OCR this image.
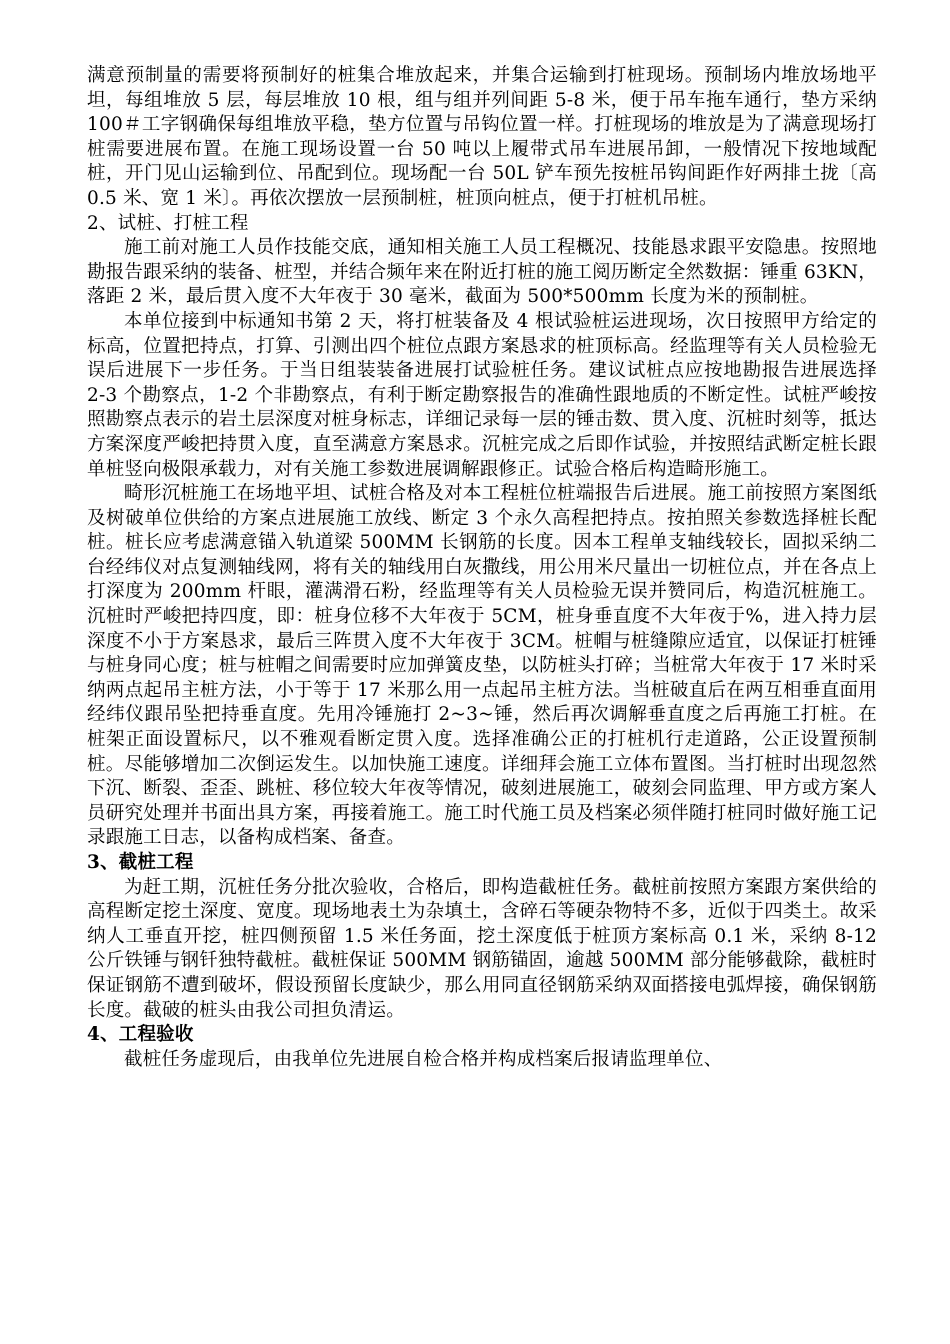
满意预制量的需要将预制好的桩集合堆放起来，并集合运输到打桩现场。预制场内堆放场地平坦，每组堆放 5 层，每层堆放 10 根，组与组并列间距 5-8 米，便于吊车拖车通行，垫方采纳 100＃工字钢确保每组堆放平稳，垫方位置与吊钩位置一样。打桩现场的堆放是为了满意现场打桩需要进展布置。在施工现场设置一台 50 吨以上履带式吊车进展吊卸，一般情况下按地域配桩，开门见山运输到位、吊配到位。现场配一台 50L 铲车预先按桩吊钩间距作好两排土拢〔高 0.5 米、宽 1 米〕。再依次摆放一层预制桩，桩顶向桩点，便于打桩机吊桩。

2、试桩、打桩工程

施工前对施工人员作技能交底，通知相关施工人员工程概况、技能恳求跟平安隐患。按照地勘报告跟采纳的装备、桩型，并结合频年来在附近打桩的施工阅历断定全然数据：锤重 63KN，落距 2 米，最后贯入度不大年夜于 30 毫米，截面为 500*500mm 长度为米的预制桩。

本单位接到中标通知书第 2 天，将打桩装备及 4 根试验桩运进现场，次日按照甲方给定的标高，位置把持点，打算、引测出四个桩位点跟方案恳求的桩顶标高。经监理等有关人员检验无误后进展下一步任务。于当日组装装备进展打试验桩任务。建议试桩点应按地勘报告进展选择 2-3 个勘察点，1-2 个非勘察点，有利于断定勘察报告的准确性跟地质的不断定性。试桩严峻按照勘察点表示的岩土层深度对桩身标志，详细记录每一层的锤击数、贯入度、沉桩时刻等，抵达方案深度严峻把持贯入度，直至满意方案恳求。沉桩完成之后即作试验，并按照结武断定桩长跟单桩竖向极限承载力，对有关施工参数进展调解跟修正。试验合格后构造畸形施工。

畸形沉桩施工在场地平坦、试桩合格及对本工程桩位桩端报告后进展。施工前按照方案图纸及树破单位供给的方案点进展施工放线、断定 3 个永久高程把持点。按拍照关参数选择桩长配桩。桩长应考虑满意锚入轨道梁 500MM 长钢筋的长度。因本工程单支轴线较长，固拟采纳二台经纬仪对点复测轴线网，将有关的轴线用白灰撒线，用公用米尺量出一切桩位点，并在各点上打深度为 200mm 杆眼，灌满滑石粉，经监理等有关人员检验无误并赞同后，构造沉桩施工。沉桩时严峻把持四度，即：桩身位移不大年夜于 5CM，桩身垂直度不大年夜于%，进入持力层深度不小于方案恳求，最后三阵贯入度不大年夜于 3CM。桩帽与桩缝隙应适宜，以保证打桩锤与桩身同心度；桩与桩帽之间需要时应加弹簧皮垫，以防桩头打碎；当桩常大年夜于 17 米时采纳两点起吊主桩方法，小于等于 17 米那么用一点起吊主桩方法。当桩破直后在两互相垂直面用经纬仪跟吊坠把持垂直度。先用冷锤施打 2~3~锤，然后再次调解垂直度之后再施工打桩。在桩架正面设置标尺，以不雅观看断定贯入度。选择准确公正的打桩机行走道路，公正设置预制桩。尽能够增加二次倒运发生。以加快施工速度。详细拜会施工立体布置图。当打桩时出现忽然下沉、断裂、歪歪、跳桩、移位较大年夜等情况，破刻进展施工，破刻会同监理、甲方或方案人员研究处理并书面出具方案，再接着施工。施工时代施工员及档案必须伴随打桩同时做好施工记录跟施工日志，以备构成档案、备查。

3、截桩工程

为赶工期，沉桩任务分批次验收，合格后，即构造截桩任务。截桩前按照方案跟方案供给的高程断定挖土深度、宽度。现场地表土为杂填土，含碎石等硬杂物特不多，近似于四类土。故采纳人工垂直开挖，桩四侧预留 1.5 米任务面，挖土深度低于桩顶方案标高 0.1 米，采纳 8-12 公斤铁锤与钢钎独特截桩。截桩保证 500MM 钢筋锚固，逾越 500MM 部分能够截除，截桩时保证钢筋不遭到破坏，假设预留长度缺少，那么用同直径钢筋采纳双面搭接电弧焊接，确保钢筋长度。截破的桩头由我公司担负清运。

4、工程验收

截桩任务虚现后，由我单位先进展自检合格并构成档案后报请监理单位、
